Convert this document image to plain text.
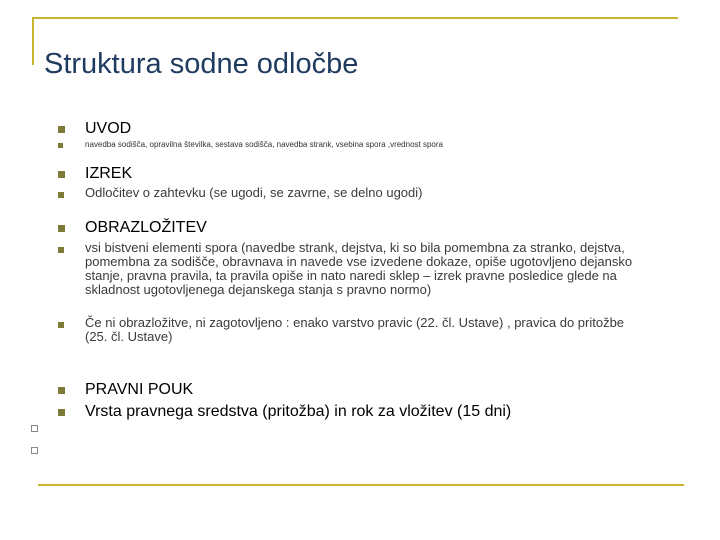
Struktura sodne odločbe
UVOD
navedba sodišča, opravilna številka, sestava sodišča, navedba strank, vsebina spora ,vrednost spora
IZREK
Odločitev o zahtevku (se ugodi, se zavrne, se delno ugodi)
OBRAZLOŽITEV
vsi bistveni elementi spora (navedbe strank, dejstva, ki so bila pomembna za stranko, dejstva, pomembna za sodišče, obravnava in navede vse izvedene dokaze, opiše ugotovljeno dejansko stanje, pravna pravila, ta pravila opiše in nato naredi sklep – izrek pravne posledice glede na skladnost ugotovljenega dejanskega stanja s pravno normo)
Če ni obrazložitve, ni zagotovljeno : enako varstvo pravic (22. čl. Ustave) , pravica do pritožbe (25. čl. Ustave)
PRAVNI POUK
Vrsta pravnega sredstva (pritožba) in rok za vložitev (15 dni)
